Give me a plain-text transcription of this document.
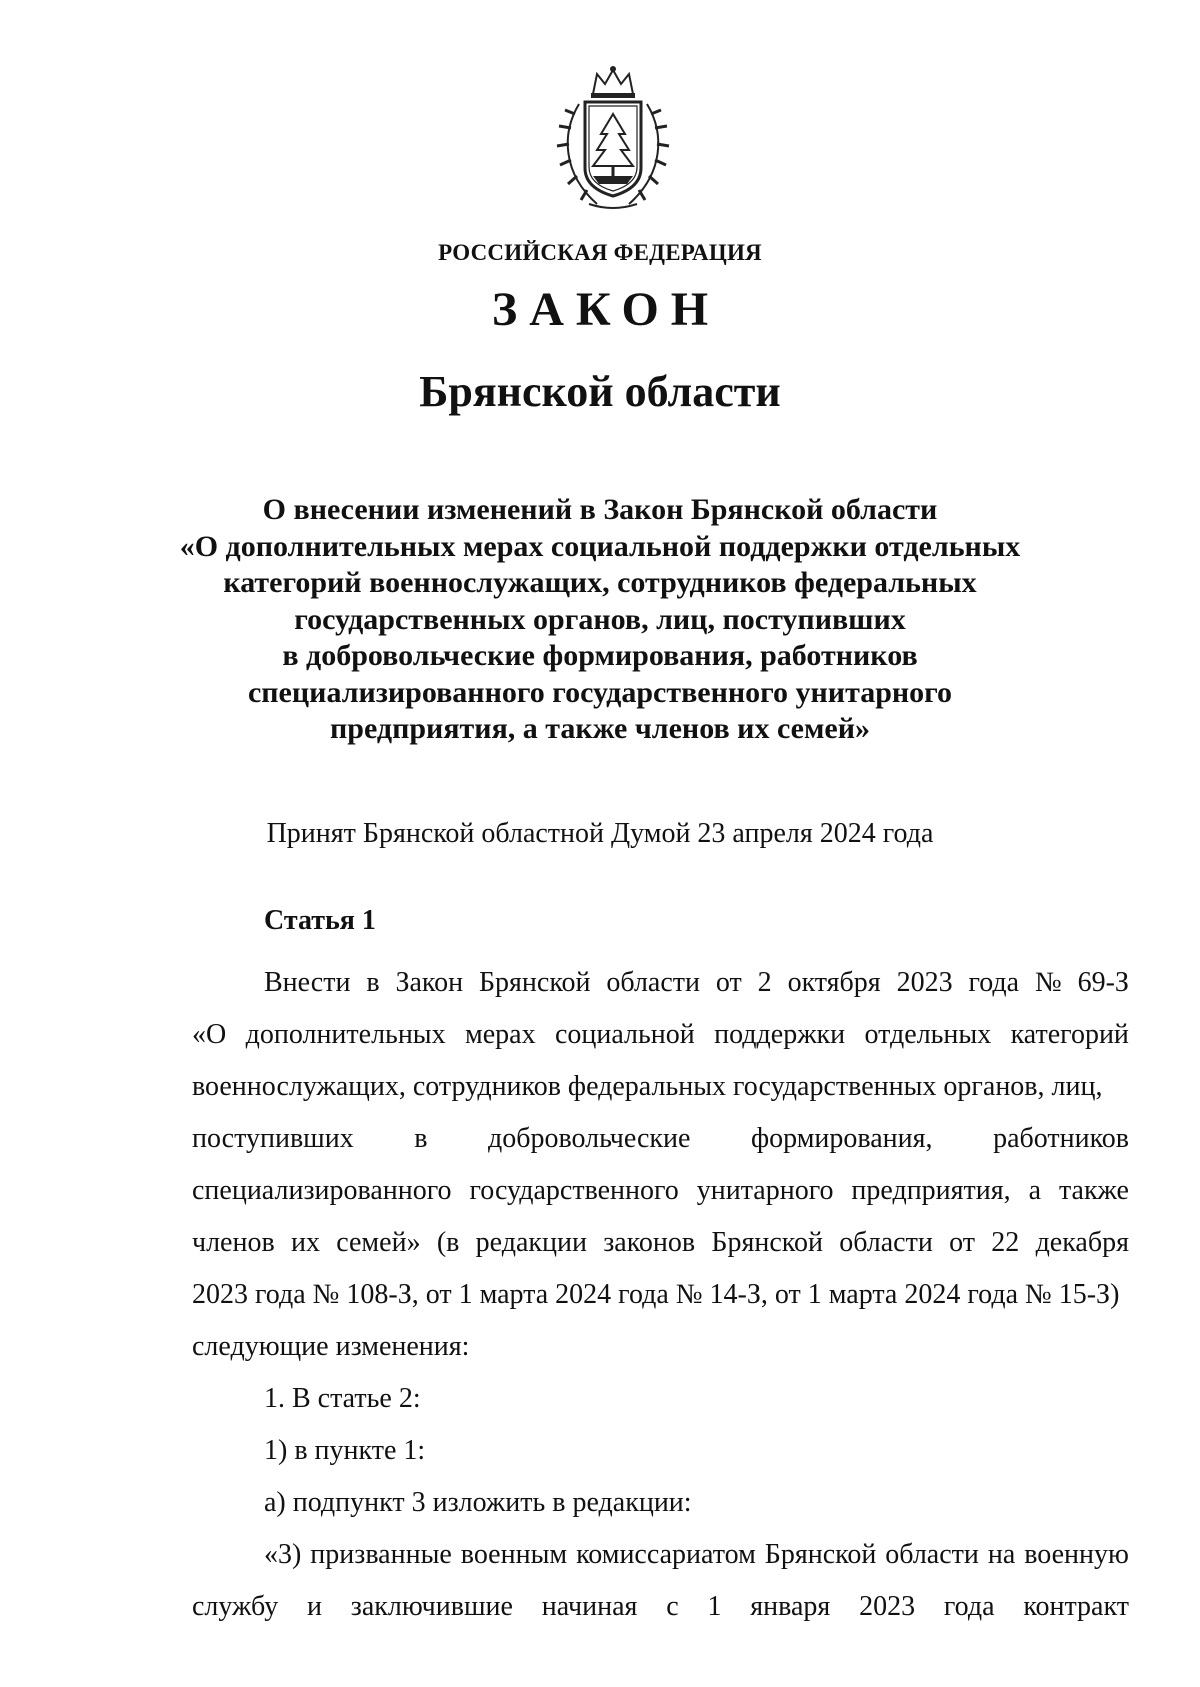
РОССИЙСКАЯ ФЕДЕРАЦИЯ
ЗАКОН
Брянской области
О внесении изменений в Закон Брянской области
«О дополнительных мерах социальной поддержки отдельных
категорий военнослужащих, сотрудников федеральных
государственных органов, лиц, поступивших
в добровольческие формирования, работников
специализированного государственного унитарного
предприятия, а также членов их семей»
Принят Брянской областной Думой 23 апреля 2024 года
Статья 1
Внести в Закон Брянской области от 2 октября 2023 года № 69-З
«О дополнительных мерах социальной поддержки отдельных категорий
военнослужащих, сотрудников федеральных государственных органов, лиц,
поступивших в добровольческие формирования, работников
специализированного государственного унитарного предприятия, а также
членов их семей» (в редакции законов Брянской области от 22 декабря
2023 года № 108-З, от 1 марта 2024 года № 14-З, от 1 марта 2024 года № 15-З)
следующие изменения:
1. В статье 2:
1) в пункте 1:
а) подпункт 3 изложить в редакции:
«3) призванные военным комиссариатом Брянской области на военную
службу и заключившие начиная с 1 января 2023 года контракт
